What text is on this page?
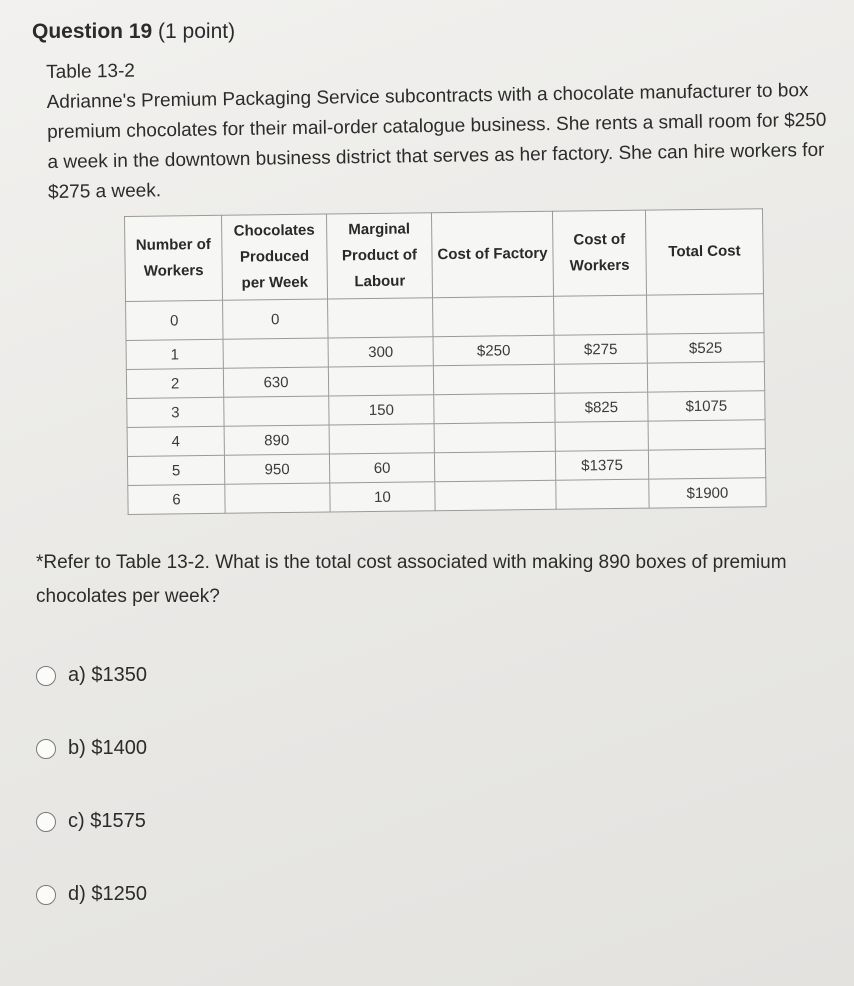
Question 19 (1 point)
Table 13-2

Adrianne's Premium Packaging Service subcontracts with a chocolate manufacturer to box premium chocolates for their mail-order catalogue business. She rents a small room for $250 a week in the downtown business district that serves as her factory. She can hire workers for $275 a week.

Number of Workers	Chocolates Produced per Week	Marginal Product of Labour	Cost of Factory	Cost of Workers	Total Cost
0	0				
1		300	$250	$275	$525
2	630				
3		150		$825	$1075
4	890				
5	950	60		$1375	
6		10			$1900

*Refer to Table 13-2. What is the total cost associated with making 890 boxes of premium chocolates per week?

a) $1350
b) $1400
c) $1575
d) $1250
